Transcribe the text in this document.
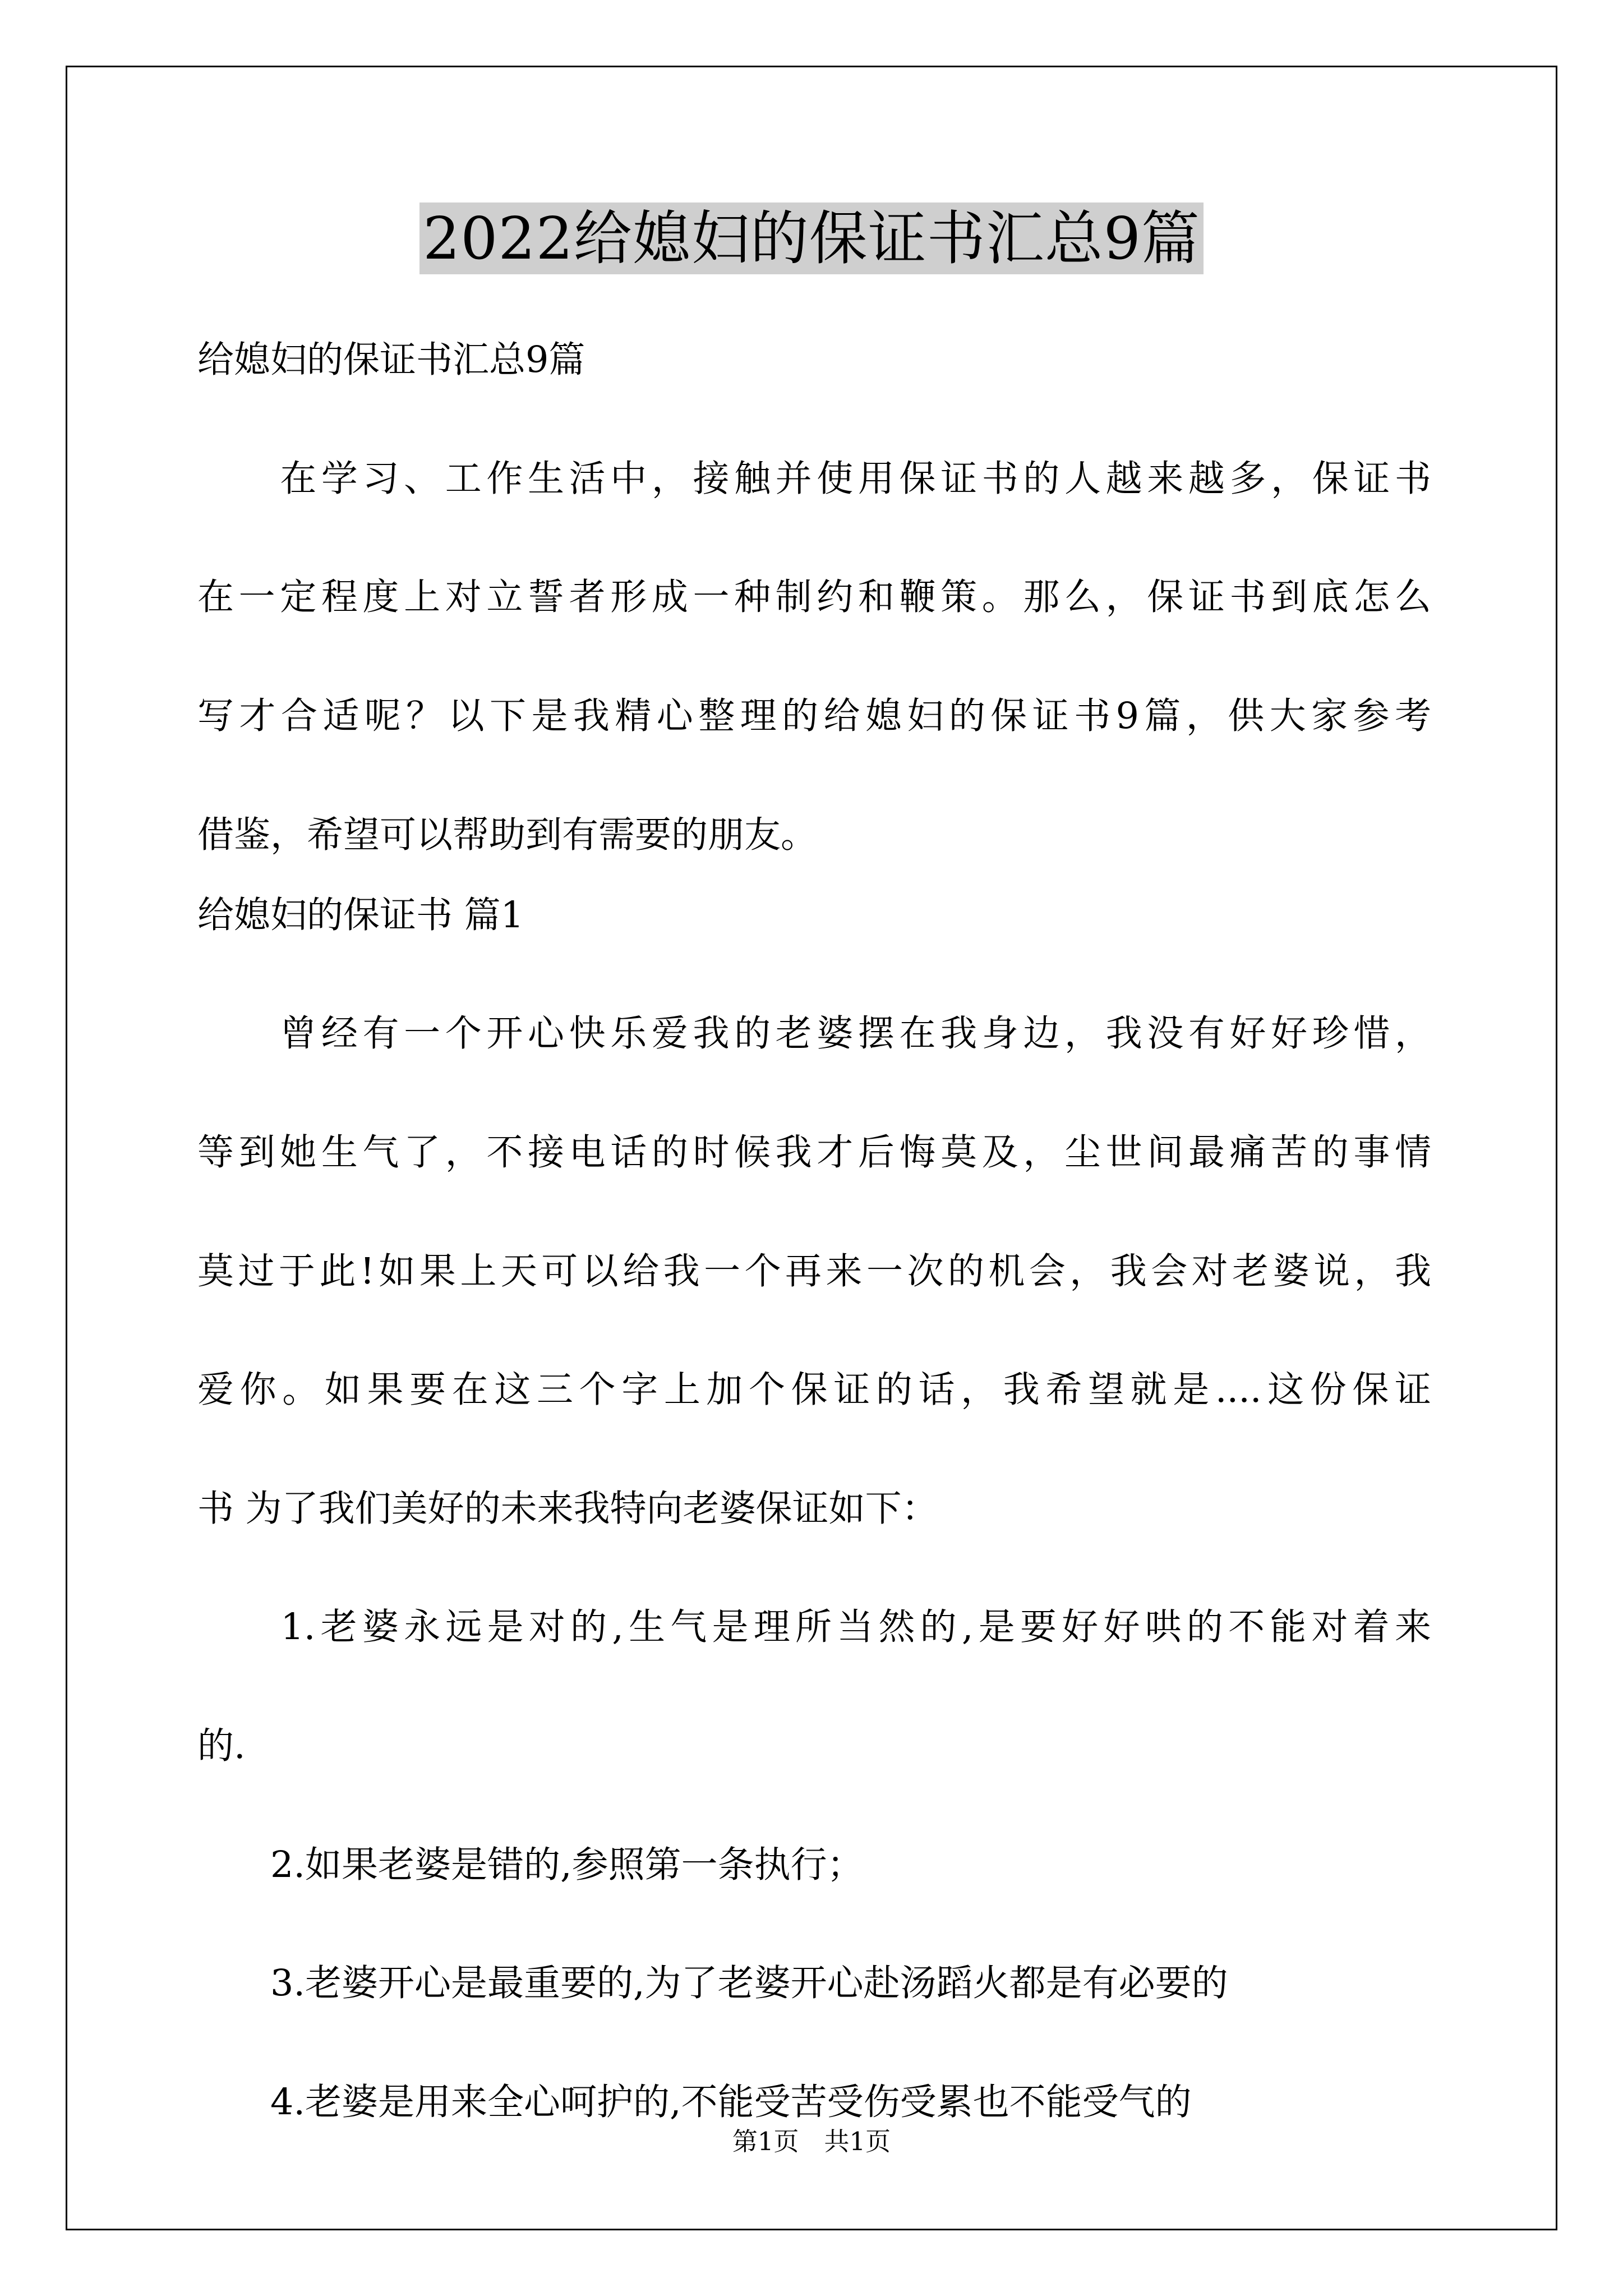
2022给媳妇的保证书汇总9篇
给媳妇的保证书汇总9篇
　　在学习、工作生活中，接触并使用保证书的人越来越多，保证书
在一定程度上对立誓者形成一种制约和鞭策。那么，保证书到底怎么
写才合适呢？以下是我精心整理的给媳妇的保证书9篇，供大家参考
借鉴，希望可以帮助到有需要的朋友。
给媳妇的保证书 篇1
　　曾经有一个开心快乐爱我的老婆摆在我身边，我没有好好珍惜，
等到她生气了，不接电话的时候我才后悔莫及，尘世间最痛苦的事情
莫过于此!如果上天可以给我一个再来一次的机会，我会对老婆说，我
爱你。如果要在这三个字上加个保证的话，我希望就是....这份保证
书 为了我们美好的未来我特向老婆保证如下：
　　1.老婆永远是对的,生气是理所当然的,是要好好哄的不能对着来
的.
　　2.如果老婆是错的,参照第一条执行；
　　3.老婆开心是最重要的,为了老婆开心赴汤蹈火都是有必要的
　　4.老婆是用来全心呵护的,不能受苦受伤受累也不能受气的
第1页　共1页
